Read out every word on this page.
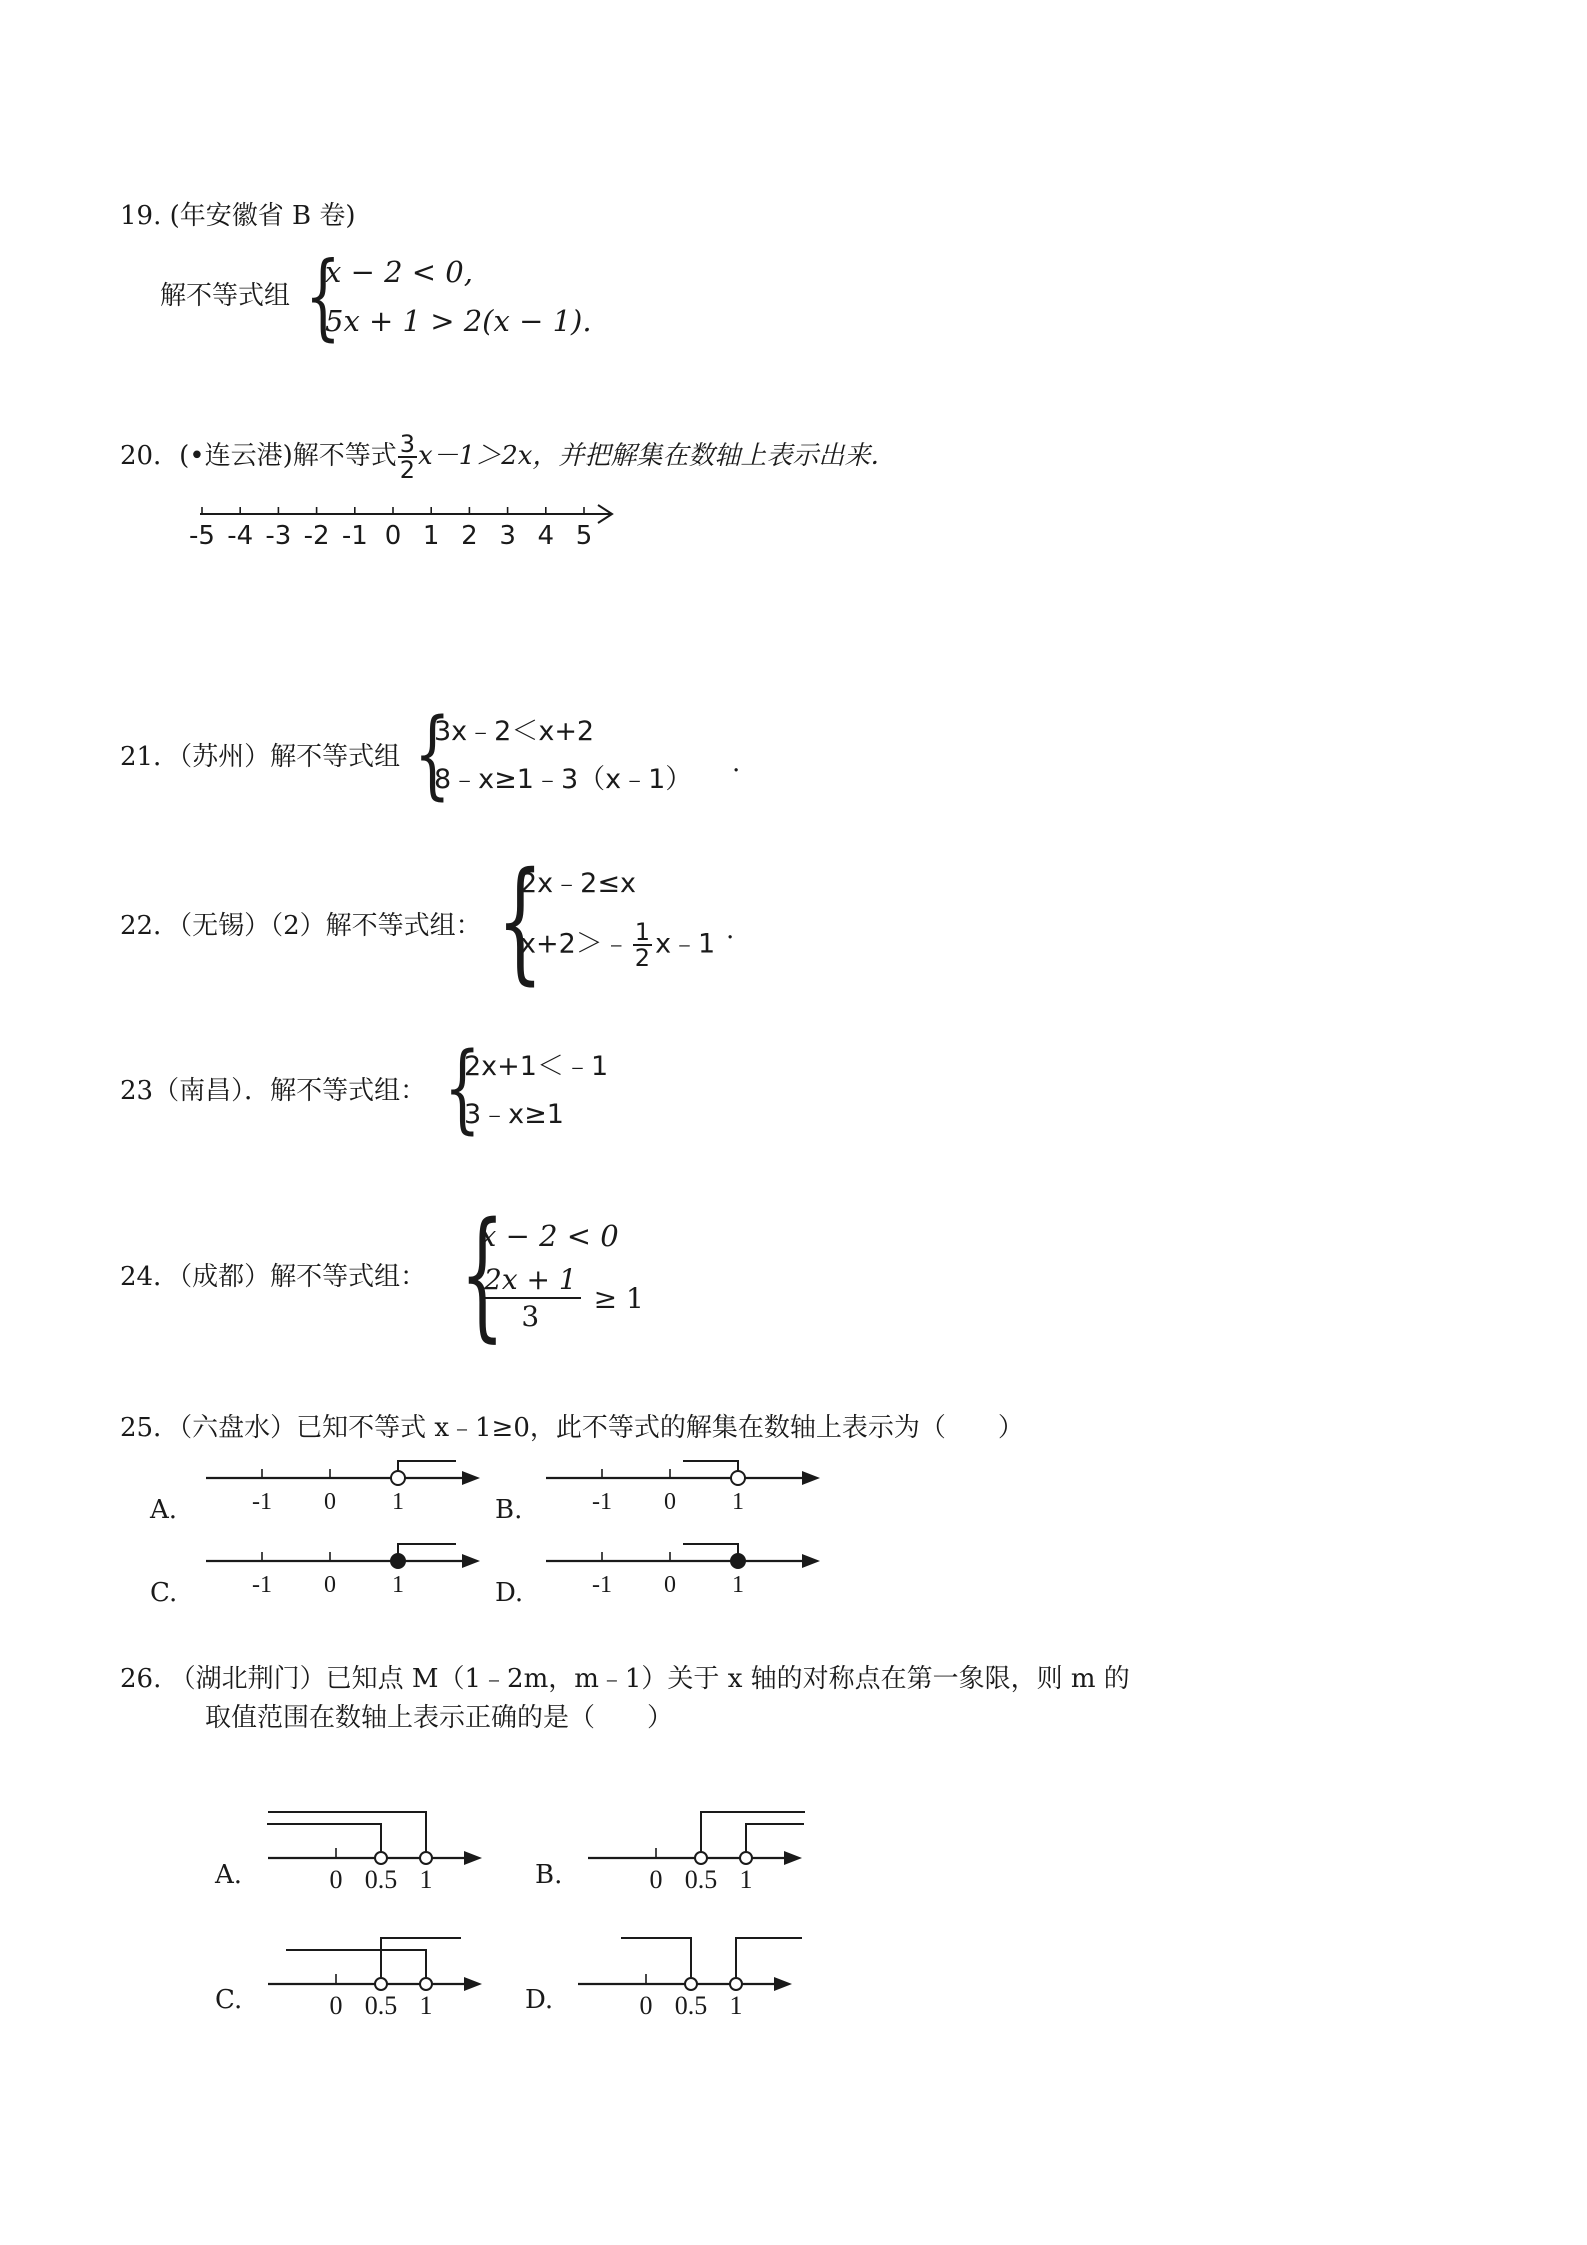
19. (年安徽省 B 卷)
解不等式组 {
x − 2 < 0,
5x + 1 > 2(x − 1).
20．(•连云港)解不等式 $\frac{3}{2} x-1>2x$，并把解集在数轴上表示出来．
-5 -4 -3 -2 -1 0 1 2 3 4 5
21．（苏州）解不等式组 {
3x﹣2＜x+2
8﹣x≥1﹣3（x﹣1）
.
22．（无锡）（2）解不等式组： {
2x﹣2≤x
x+2＞﹣ $\frac{1}{2}$ x﹣1 .
23（南昌）．解不等式组： {
2x+1＜﹣1
3﹣x≥1
24．（成都）解不等式组： {
x − 2 < 0
$\frac{2x + 1}{3} \ge 1$
25．（六盘水）已知不等式 x﹣1≥0，此不等式的解集在数轴上表示为（　　）
A.	B.
C.	D.
-1 0 1	-1 0 1
-1 0 1	-1 0 1
26. （湖北荆门）已知点 M（1﹣2m，m﹣1）关于 x 轴的对称点在第一象限，则 m 的
取值范围在数轴上表示正确的是（　　）
A.	B.
C.	D.
0 0.5 1	0 0.5 1
0 0.5 1	0 0.5 1
